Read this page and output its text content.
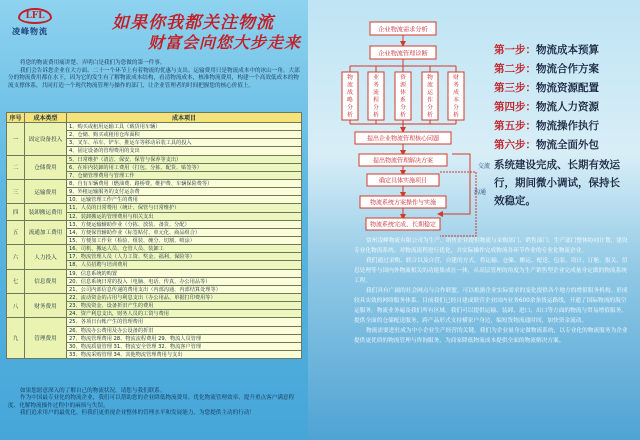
LFL
凌峰物流	如果你我都关注物流
财富会向您大步走来

将您的物流费用痛讲楚、弄明白是我们为您做的第一件事。

我们会告诉您企业在大方面、二十一个环节上有着物流的优惠与支出。运输费用只是物流成本中的冰山一角。大部分的物流费用都在水下，因为它的发生有了解物流成本结构，看清物流成本，核准物流费用，构建一个高效低成本的物流支撑体系，共同打造一个现代物流管理与操作的部门，让企业管理者的时间把握您的核心价值上。

序号	成本类型	成本项目
一	固定设备投入	1、购买或租用运输工具（载货用车辆）
		2、仓储、购买或租用仓库面积
		3、叉车、吊车、铲车、推运车等移动吊装工具的投入
		4、固定设备的管理费用的支出
二	仓储费用	5、日常维护（清洁、保安、保管与保养等支出）
		6、在库内装卸的用工费用（打包、分拣、配货、贴签等）
		7、仓储管理费用与管理工作
三	运输费用	8、自有车辆费用（燃油费、路桥费、维护费、车辆保险费等）
		9、外租运输服务的支付运杂费
		10、运输管理工作产生的费用
四	装卸搬运费用	11、人员的日常费用（统计、保管与日常维护）
		12、装卸搬运的管理费用与相关支出
五	流通加工费用	13、方便运输辅助作业（分拣、放装、备货、分配）
		14、方便保管辅助作业（标签贴付、单元化、商品组合）
		15、方便加工作业（检验、组装、缠分、切割、喷涂）
六	人力投入	16、司机、搬运人员、仓管人员、装卸工
		17、物流管理人员（人力工资、奖金、福利、保险等）
		18、人员招聘与培训费用
七	信息费用	19、信息系统的购置
		20、信息系统日常的投入（电脑、电话、传真、办公用品等）
		21、公司内部信息传递的费用支出（内部沟通、内部结算处理等）
八	财务费用	22、流动资金的占用与利息支出（办公用品、单据打印费用等）
		23、物流资金、设备折旧产生的费用
		24、资产利息支出，财务人员的工资与费用
九	管理费用	25、各项日台帐产生的管理费用
		26、物流办公费用及办公设备的折旧
		27、物流管理费用 28、物流流程费用 29、物流人员管理
		30、物流质量管理 31、物流安全管理 32、物流客户管理
		33、物流采购管理 34、其他物流管理费用与支出

如果您愿意深入的了解自己的物流状况，请您与我们联系。

作为中国最专业化的物流企业，我们可以帮助您的企业降低物流费用、优化物流管理效率、提升重点客户满意程度、化解物流操作过程中的麻烦与失误。

我们追求用户的最优化，但我们更重视企业整体的管理水平和发展能力，为您提供主动的行动！

企业物流需求分析
企业物流管理诊断
物流战略分析
业务流程分析
资源体系分析
物流运作分析
财务成本分析
提出企业物流管理核心问题
提出物流管理解决方案
确定具体实施项目
物流系统方案操作与实施
物流系统完成、长期稳定
交流
沟通
第一步：物流成本预算
第二步：物流合作方案
第三步：物流资源配置
第四步：物流人力资源
第五步：物流操作执行
第六步：物流全面外包
系统建设完成、长期有效运行，期间微小调试，保持长效稳定。

常州凌峰物流有限公司为生产、销售企业提供物流与采购部门、销售部门、生产部门整体协同计划，建设专业化物流系统、对物流流程进行优化，并实际操作完成物流各环节作业的专业化物流企业。

我们通过采购、联合以及自营，自建的方式，将运输、仓储、搬运、配送、包装、设计、订舱、报关、信息处理等与国内外物流相关的功能集成在一体，从高层管理的角度为生产销售型企业完成量身定做的物流系统工程。

我们具有广阔的社会网点与合作联盟，可以根据企业实际需求的变化提供各个地方的增值服务机构。形成较具实效的网络服务体系。目前我们已经自建或联营企业国内业务600余条货运路线，开通了国际物流的海空运服务，物流业务遍及我们所有区域，我们可以提供运输、装卸、进口、出口等方面的物流与贸易增值服务。提供全面的仓储配送服务，跨产品形式支持横家户身边，编短货物流通时间，加快资金流动。

物流需要进驻成为中小企业生产经营的关键。我们为企业量身定做物流系统，以专业化的物流服务为企业提供更优质的物流管理与咨询服务，为商家降低物流成本提供全面的物流解决方案。
